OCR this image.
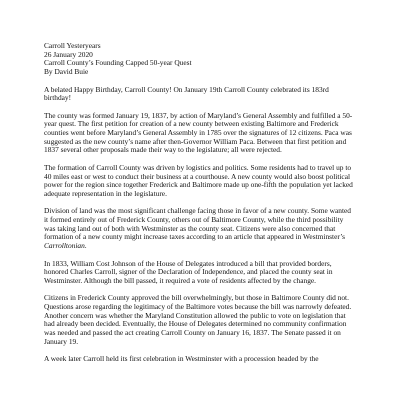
Carroll Yesteryears

26 January 2020

Carroll County’s Founding Capped 50-year Quest

By David Buie

A belated Happy Birthday, Carroll County! On January 19th Carroll County celebrated its 183rd birthday!

The county was formed January 19, 1837, by action of Maryland’s General Assembly and fulfilled a 50-year quest. The first petition for creation of a new county between existing Baltimore and Frederick counties went before Maryland’s General Assembly in 1785 over the signatures of 12 citizens. Paca was suggested as the new county’s name after then-Governor William Paca. Between that first petition and 1837 several other proposals made their way to the legislature; all were rejected.

The formation of Carroll County was driven by logistics and politics. Some residents had to travel up to 40 miles east or west to conduct their business at a courthouse. A new county would also boost political power for the region since together Frederick and Baltimore made up one-fifth the population yet lacked adequate representation in the legislature.

Division of land was the most significant challenge facing those in favor of a new county. Some wanted it formed entirely out of Frederick County, others out of Baltimore County, while the third possibility was taking land out of both with Westminster as the county seat. Citizens were also concerned that formation of a new county might increase taxes according to an article that appeared in Westminster’s Carrolltonian.

In 1833, William Cost Johnson of the House of Delegates introduced a bill that provided borders, honored Charles Carroll, signer of the Declaration of Independence, and placed the county seat in Westminster. Although the bill passed, it required a vote of residents affected by the change.

Citizens in Frederick County approved the bill overwhelmingly, but those in Baltimore County did not. Questions arose regarding the legitimacy of the Baltimore votes because the bill was narrowly defeated. Another concern was whether the Maryland Constitution allowed the public to vote on legislation that had already been decided. Eventually, the House of Delegates determined no community confirmation was needed and passed the act creating Carroll County on January 16, 1837. The Senate passed it on January 19.

A week later Carroll held its first celebration in Westminster with a procession headed by the
